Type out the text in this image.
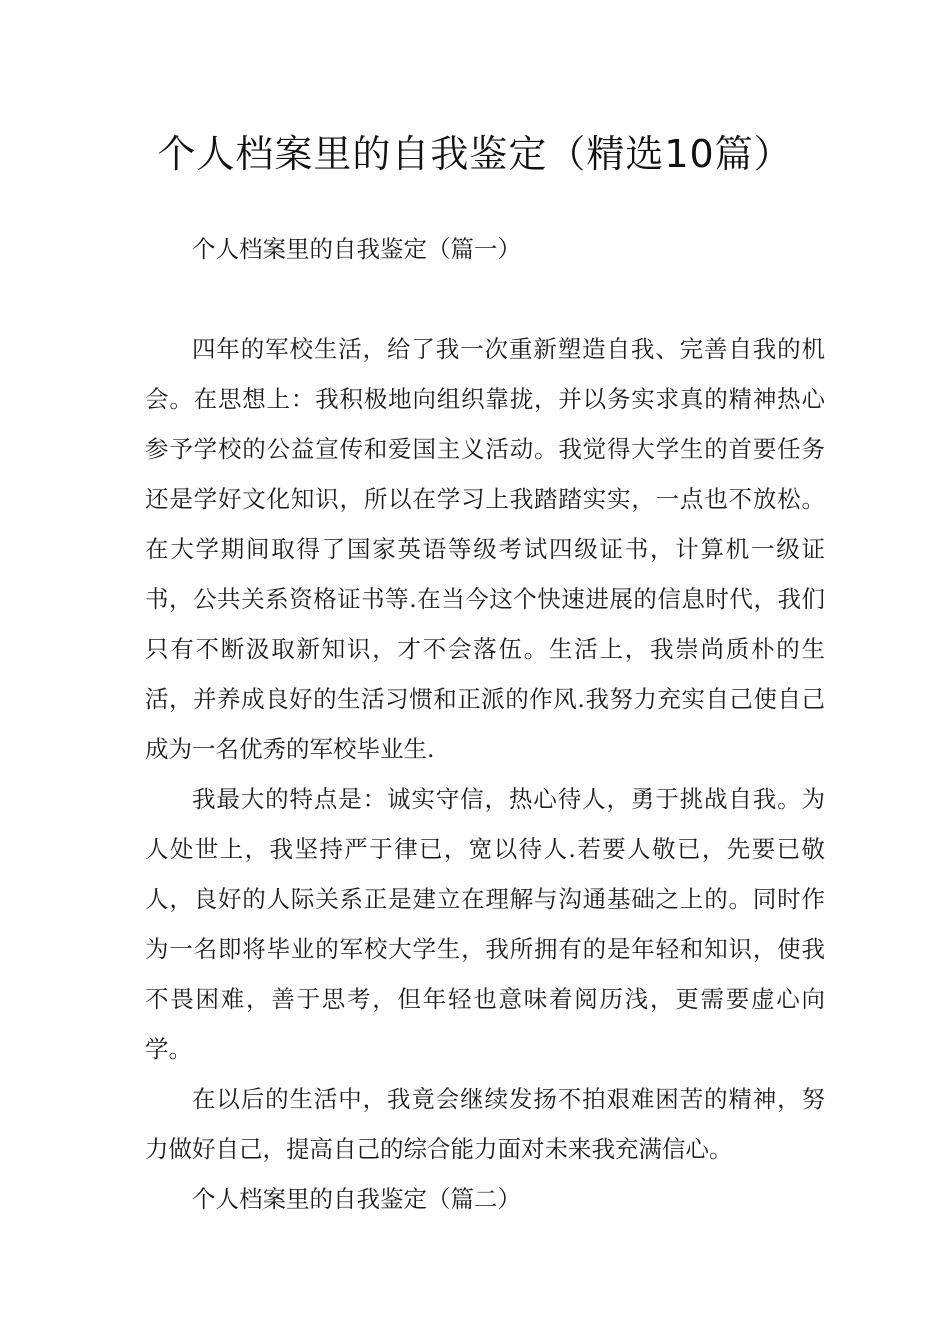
个人档案里的自我鉴定（精选10篇）

个人档案里的自我鉴定（篇一）

四年的军校生活，给了我一次重新塑造自我、完善自我的机会。在思想上：我积极地向组织靠拢，并以务实求真的精神热心参予学校的公益宣传和爱国主义活动。我觉得大学生的首要任务还是学好文化知识，所以在学习上我踏踏实实，一点也不放松。在大学期间取得了国家英语等级考试四级证书，计算机一级证书，公共关系资格证书等.在当今这个快速进展的信息时代，我们只有不断汲取新知识，才不会落伍。生活上，我崇尚质朴的生活，并养成良好的生活习惯和正派的作风.我努力充实自己使自己成为一名优秀的军校毕业生.

我最大的特点是：诚实守信，热心待人，勇于挑战自我。为人处世上，我坚持严于律已，宽以待人.若要人敬已，先要已敬人，良好的人际关系正是建立在理解与沟通基础之上的。同时作为一名即将毕业的军校大学生，我所拥有的是年轻和知识，使我不畏困难，善于思考，但年轻也意味着阅历浅，更需要虚心向学。

在以后的生活中，我竟会继续发扬不拍艰难困苦的精神，努力做好自己，提高自己的综合能力面对未来我充满信心。

个人档案里的自我鉴定（篇二）
